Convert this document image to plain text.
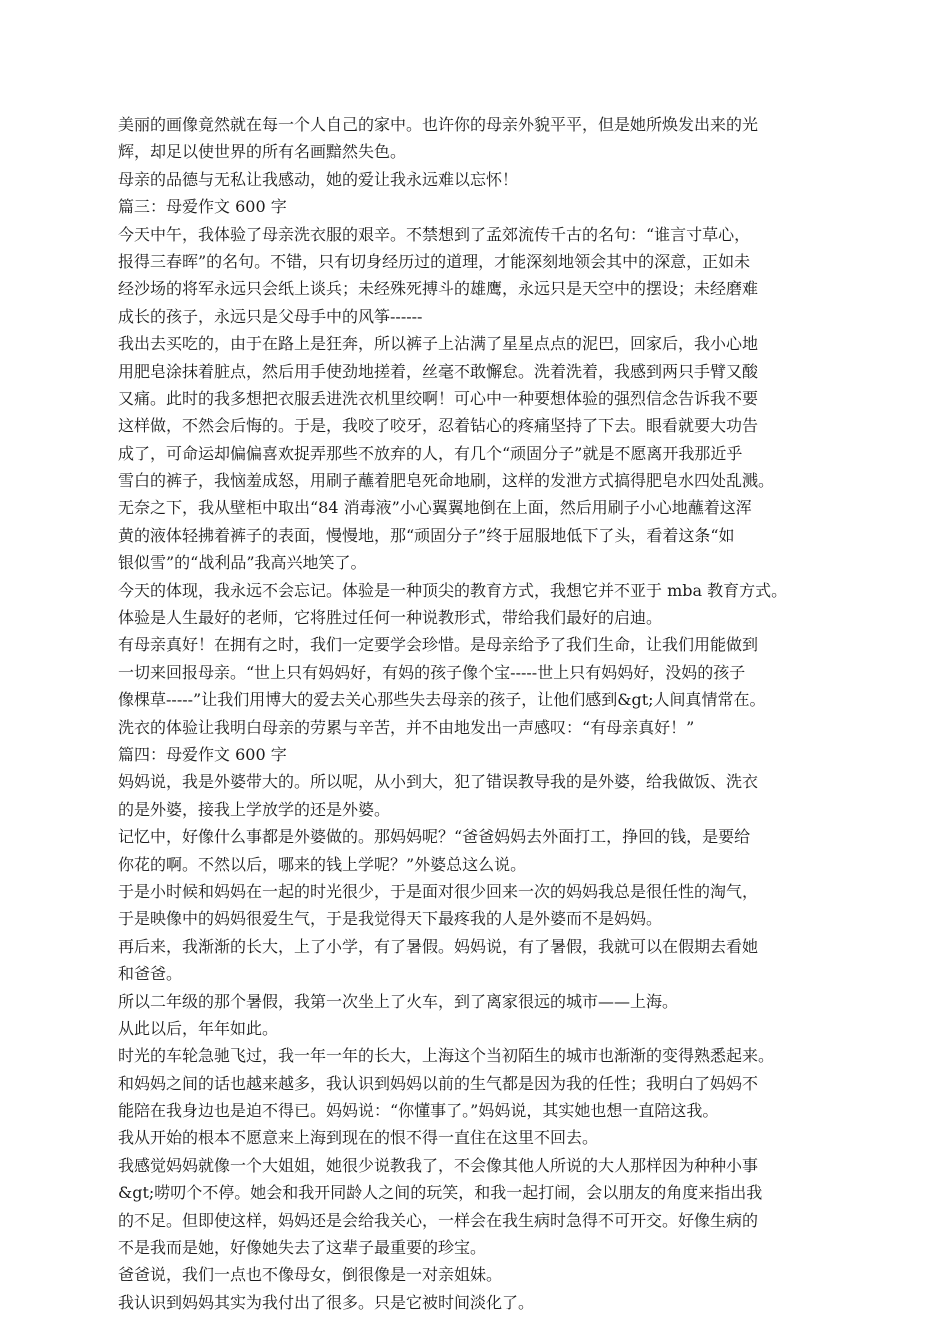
美丽的画像竟然就在每一个人自己的家中。也许你的母亲外貌平平，但是她所焕发出来的光
辉，却足以使世界的所有名画黯然失色。
母亲的品德与无私让我感动，她的爱让我永远难以忘怀！
篇三：母爱作文 600 字
今天中午，我体验了母亲洗衣服的艰辛。不禁想到了孟郊流传千古的名句：“谁言寸草心，
报得三春晖”的名句。不错，只有切身经历过的道理，才能深刻地领会其中的深意，正如未
经沙场的将军永远只会纸上谈兵；未经殊死搏斗的雄鹰，永远只是天空中的摆设；未经磨难
成长的孩子，永远只是父母手中的风筝------
我出去买吃的，由于在路上是狂奔，所以裤子上沾满了星星点点的泥巴，回家后，我小心地
用肥皂涂抹着脏点，然后用手使劲地搓着，丝毫不敢懈怠。洗着洗着，我感到两只手臂又酸
又痛。此时的我多想把衣服丢进洗衣机里绞啊！可心中一种要想体验的强烈信念告诉我不要
这样做，不然会后悔的。于是，我咬了咬牙，忍着钻心的疼痛坚持了下去。眼看就要大功告
成了，可命运却偏偏喜欢捉弄那些不放弃的人，有几个“顽固分子”就是不愿离开我那近乎
雪白的裤子，我恼羞成怒，用刷子蘸着肥皂死命地刷，这样的发泄方式搞得肥皂水四处乱溅。
无奈之下，我从壁柜中取出“84 消毒液”小心翼翼地倒在上面，然后用刷子小心地蘸着这浑
黄的液体轻拂着裤子的表面，慢慢地，那“顽固分子”终于屈服地低下了头，看着这条“如
银似雪”的“战利品”我高兴地笑了。
今天的体现，我永远不会忘记。体验是一种顶尖的教育方式，我想它并不亚于 mba 教育方式。
体验是人生最好的老师，它将胜过任何一种说教形式，带给我们最好的启迪。
有母亲真好！在拥有之时，我们一定要学会珍惜。是母亲给予了我们生命，让我们用能做到
一切来回报母亲。“世上只有妈妈好，有妈的孩子像个宝-----世上只有妈妈好，没妈的孩子
像棵草-----”让我们用博大的爱去关心那些失去母亲的孩子，让他们感到&gt;人间真情常在。
洗衣的体验让我明白母亲的劳累与辛苦，并不由地发出一声感叹：“有母亲真好！”
篇四：母爱作文 600 字
妈妈说，我是外婆带大的。所以呢，从小到大，犯了错误教导我的是外婆，给我做饭、洗衣
的是外婆，接我上学放学的还是外婆。
记忆中，好像什么事都是外婆做的。那妈妈呢？“爸爸妈妈去外面打工，挣回的钱，是要给
你花的啊。不然以后，哪来的钱上学呢？”外婆总这么说。
于是小时候和妈妈在一起的时光很少，于是面对很少回来一次的妈妈我总是很任性的淘气，
于是映像中的妈妈很爱生气，于是我觉得天下最疼我的人是外婆而不是妈妈。
再后来，我渐渐的长大，上了小学，有了暑假。妈妈说，有了暑假，我就可以在假期去看她
和爸爸。
所以二年级的那个暑假，我第一次坐上了火车，到了离家很远的城市——上海。
从此以后，年年如此。
时光的车轮急驰飞过，我一年一年的长大，上海这个当初陌生的城市也渐渐的变得熟悉起来。
和妈妈之间的话也越来越多，我认识到妈妈以前的生气都是因为我的任性；我明白了妈妈不
能陪在我身边也是迫不得已。妈妈说：“你懂事了。”妈妈说，其实她也想一直陪这我。
我从开始的根本不愿意来上海到现在的恨不得一直住在这里不回去。
我感觉妈妈就像一个大姐姐，她很少说教我了，不会像其他人所说的大人那样因为种种小事
&gt;唠叨个不停。她会和我开同龄人之间的玩笑，和我一起打闹，会以朋友的角度来指出我
的不足。但即使这样，妈妈还是会给我关心，一样会在我生病时急得不可开交。好像生病的
不是我而是她，好像她失去了这辈子最重要的珍宝。
爸爸说，我们一点也不像母女，倒很像是一对亲姐妹。
我认识到妈妈其实为我付出了很多。只是它被时间淡化了。
